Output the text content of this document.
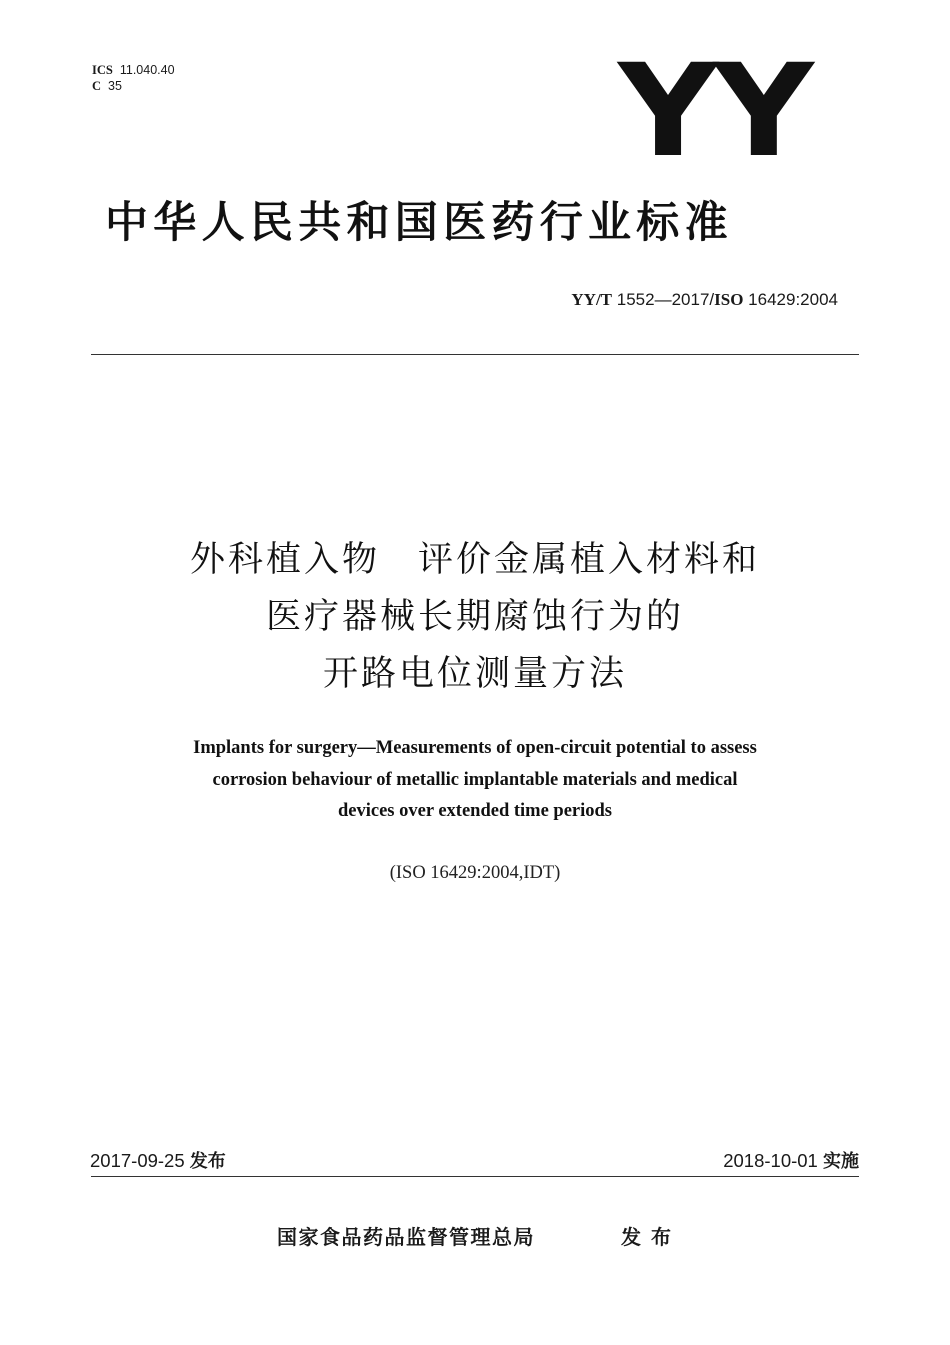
ICS 11.040.40
C 35	YY
中华人民共和国医药行业标准
YY/T 1552—2017/ISO 16429:2004
外科植入物　评价金属植入材料和
医疗器械长期腐蚀行为的
开路电位测量方法
Implants for surgery—Measurements of open-circuit potential to assess
corrosion behaviour of metallic implantable materials and medical
devices over extended time periods
(ISO 16429:2004,IDT)
2017-09-25 发布	2018-10-01 实施
国家食品药品监督管理总局	发布
